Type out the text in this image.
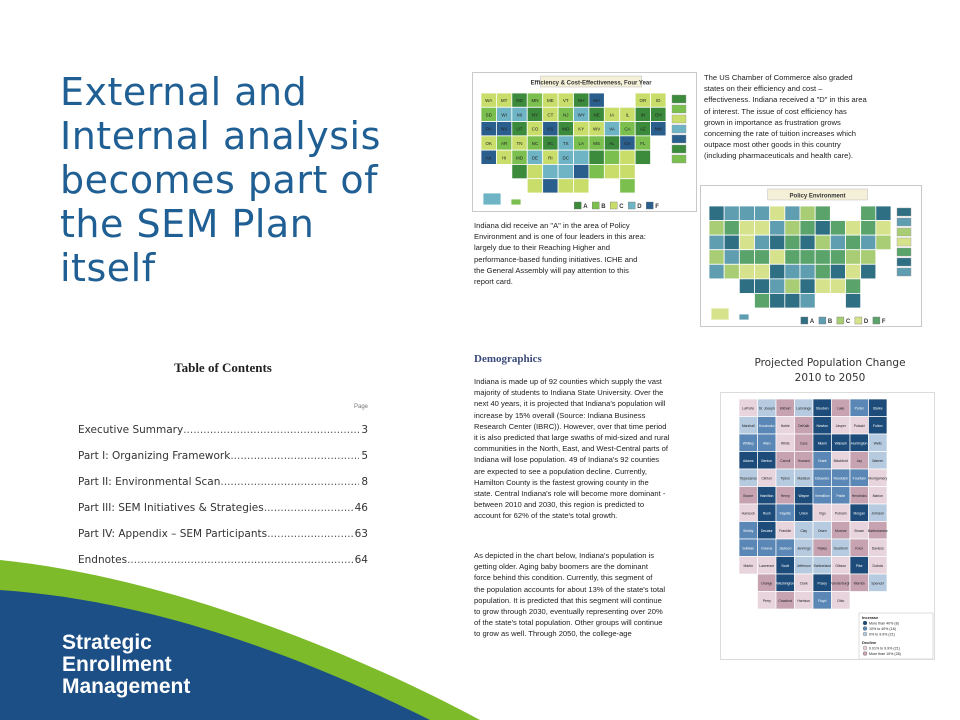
External and
Internal analysis
becomes part of
the SEM Plan
itself
Strategic
Enrollment
Management
Table of Contents
Page
Executive Summary .....	3
Part I: Organizing Framework .....	5
Part II: Environmental Scan .....	8
Part III: SEM Initiatives & Strategies .....	46
Part IV: Appendix – SEM Participants .....	63
Endnotes .....	64
Efficiency & Cost-Effectiveness, Four Year
WA MT ND MN ME VT NH MA	OR ID
SD WI MI NY CT NJ WY NE IA	IL	IN OH
PA NV UT CO KS MO KY WV VA CA AZ NM
OK AR TN NC SC TX LA MS AL GA FL
AK HI MD DE RI DC
A B C D F
The US Chamber of Commerce also graded
states on their efficiency and cost –
effectiveness. Indiana received a "D" in this area
of interest. The issue of cost efficiency has
grown in importance as frustration grows
concerning the rate of tuition increases which
outpace most other goods in this country
(including pharmaceuticals and health care).
Policy Environment
A B C D F
Indiana did receive an "A" in the area of Policy
Environment and is one of four leaders in this area:
largely due to their Reaching Higher and
performance-based funding initiatives. ICHE and
the General Assembly will pay attention to this
report card.
Demographics
Indiana is made up of 92 counties which supply the vast
majority of students to Indiana State University. Over the
next 40 years, it is projected that Indiana's population will
increase by 15% overall (Source: Indiana Business
Research Center (IBRC)). However, over that time period
it is also predicted that large swaths of mid-sized and rural
communities in the North, East, and West-Central parts of
Indiana will lose population. 49 of Indiana's 92 counties
are expected to see a population decline. Currently,
Hamilton County is the fastest growing county in the
state. Central Indiana's role will become more dominant -
between 2010 and 2030, this region is predicted to
account for 62% of the state's total growth.
As depicted in the chart below, Indiana's population is
getting older. Aging baby boomers are the dominant
force behind this condition. Currently, this segment of
the population accounts for about 13% of the state's total
population. It is predicted that this segment will continue
to grow through 2030, eventually representing over 20%
of the state's total population. Other groups will continue
to grow as well. Through 2050, the college-age
Projected Population Change
2010 to 2050
LaPorte St. Joseph Elkhart LaGrange Steuben	Lake	Porter	Starke
Marshall Kosciusko Noble	DeKalb Newton Jasper Pulaski Fulton
Whitley	Allen	White	Cass	Miami Wabash Huntington Wells
Adams Benton Carroll Howard Grant Blackford	Jay	Warren
Tippecanoe Clinton	Tipton Madison Delaware Randolph Fountain Montgomery
Boone Hamilton Henry	Wayne Vermillion Parke Hendricks Marion
Hancock Rush	Fayette Union	Vigo	Putnam Morgan Johnson
Shelby Decatur Franklin	Clay	Owen Monroe Brown Bartholomew
Sullivan Greene Jackson Jennings Ripley Dearborn Knox	Daviess
Martin Lawrence Scott Jefferson Switzerland Gibson	Pike	Dubois
Orange Washington Clark	Posey Vanderburgh Warrick Spencer
Perry Crawford Harrison Floyd	Ohio
Increase
More than 40% (8)
10% to 40% (18)
0% to 9.9% (21)
Decline
0.01% to 9.9% (21)
More than 10% (28)
